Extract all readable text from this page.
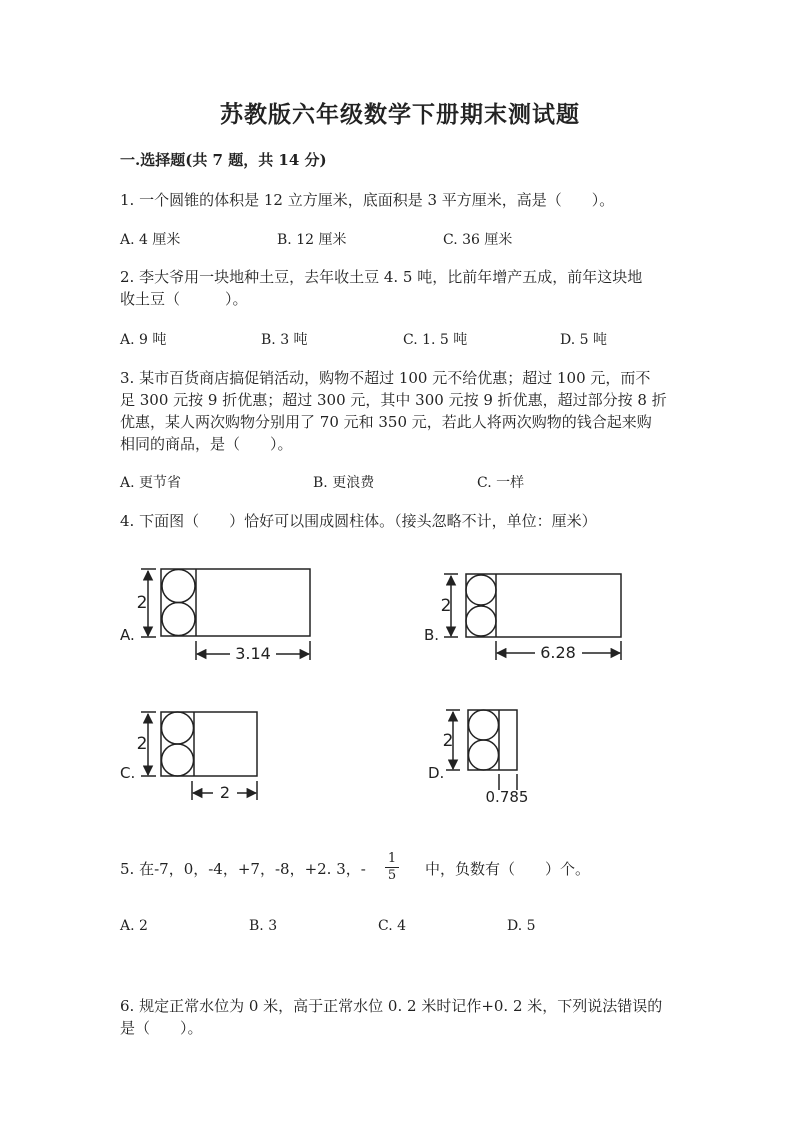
苏教版六年级数学下册期末测试题
一.选择题(共 7 题，共 14 分)
1. 一个圆锥的体积是 12 立方厘米，底面积是 3 平方厘米，高是（　　）。
A. 4 厘米	B. 12 厘米	C. 36 厘米
2. 李大爷用一块地种土豆，去年收土豆 4. 5 吨，比前年增产五成，前年这块地
收土豆（　　　）。
A. 9 吨	B. 3 吨	C. 1. 5 吨	D. 5 吨
3. 某市百货商店搞促销活动，购物不超过 100 元不给优惠；超过 100 元，而不
足 300 元按 9 折优惠；超过 300 元，其中 300 元按 9 折优惠，超过部分按 8 折
优惠，某人两次购物分别用了 70 元和 350 元，若此人将两次购物的钱合起来购
相同的商品，是（　　）。
A. 更节省	B. 更浪费	C. 一样
4. 下面图（　　）恰好可以围成圆柱体。（接头忽略不计，单位：厘米）
A.
2
3.14
B.
2
6.28
C.
2
2
D.
2
0.785
5. 在-7，0，-4，+7，-8，+2. 3，- $\frac{1}{5}$ 中，负数有（　　）个。
A. 2	B. 3	C. 4	D. 5
6. 规定正常水位为 0 米，高于正常水位 0. 2 米时记作+0. 2 米，下列说法错误的
是（　　）。
